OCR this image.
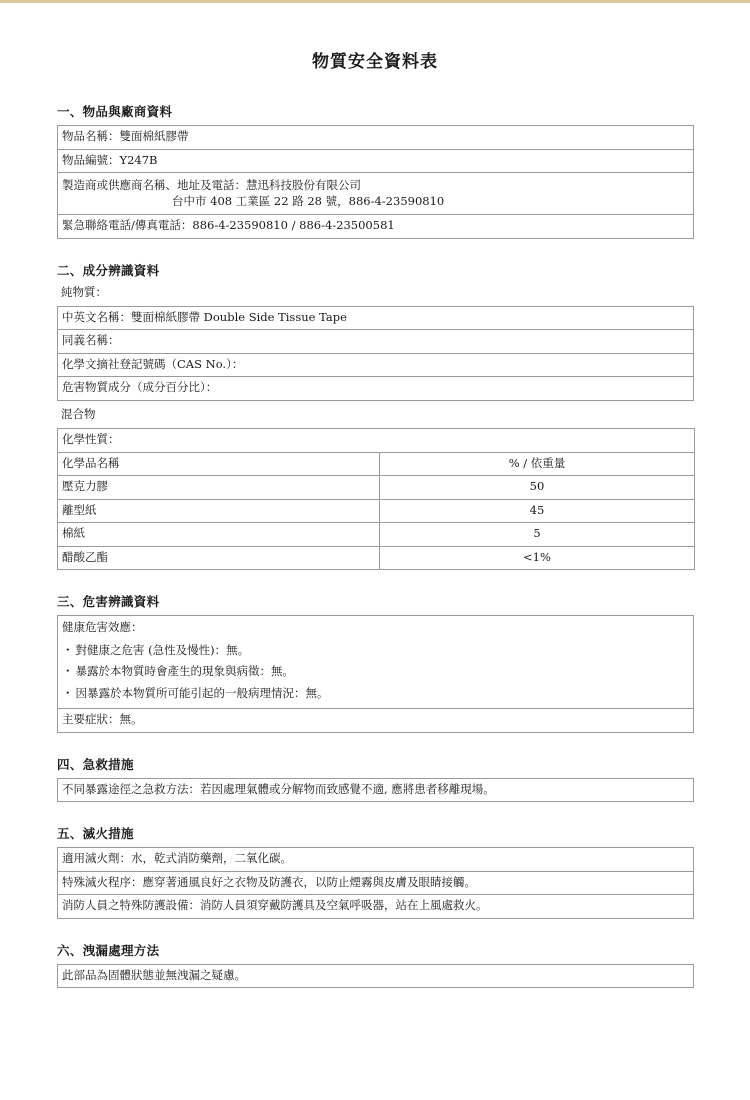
物質安全資料表
一、物品與廠商資料
物品名稱：雙面棉紙膠帶
物品編號：Y247B

製造商或供應商名稱、地址及電話：慧迅科技股份有限公司
台中市 408 工業區 22 路 28 號，886-4-23590810

緊急聯絡電話/傳真電話：886-4-23590810 / 886-4-23500581
二、成分辨識資料
純物質：
中英文名稱：雙面棉紙膠帶 Double Side Tissue Tape
同義名稱：
化學文摘社登記號碼（CAS No.）：
危害物質成分（成分百分比）：
混合物
化學性質：	
化學品名稱	% / 依重量
壓克力膠	50
離型紙	45
棉紙	5
醋酸乙酯	<1%
三、危害辨識資料

健康危害效應：

・ 對健康之危害 (急性及慢性)：無。

・ 暴露於本物質時會產生的現象與病徵：無。

・ 因暴露於本物質所可能引起的一般病理情況：無。

主要症狀：無。
四、急救措施
不同暴露途徑之急救方法：若因處理氣體或分解物而致感覺不適, 應將患者移離現場。
五、滅火措施
適用滅火劑：水，乾式消防藥劑，二氧化碳。
特殊滅火程序：應穿著通風良好之衣物及防護衣，以防止煙霧與皮膚及眼睛接觸。
消防人員之特殊防護設備：消防人員須穿戴防護具及空氣呼吸器，站在上風處救火。
六、洩漏處理方法
此部品為固體狀態並無洩漏之疑慮。
